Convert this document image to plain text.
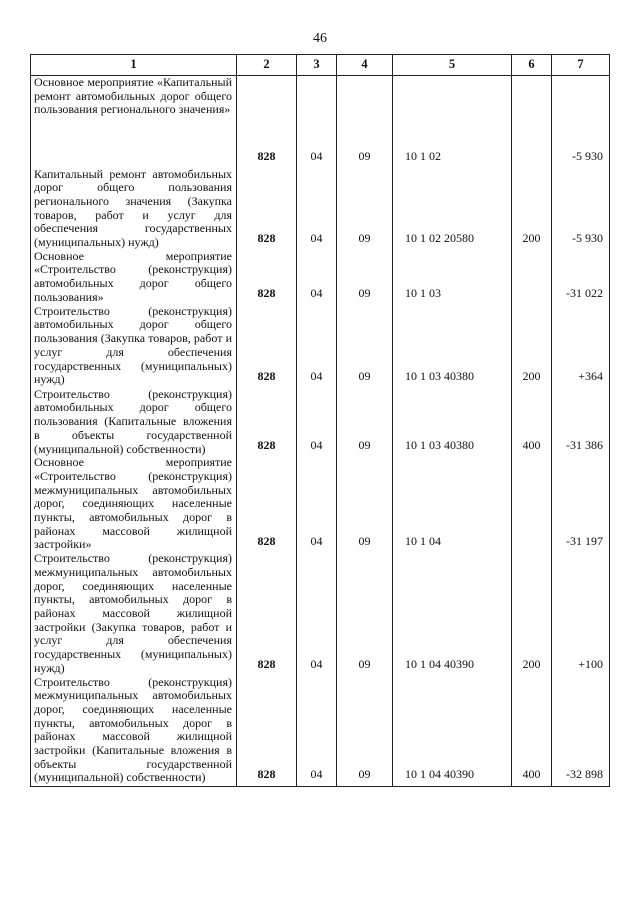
46
1	2	3	4	5	6	7
Основное мероприятие «Капитальный ремонт автомобильных дорог общего пользования регионального значения»	828	04	09	10 1 02		-5 930
Капитальный ремонт автомобильных дорог общего пользования регионального значения (Закупка товаров, работ и услуг для обеспечения государственных (муниципальных) нужд)	828	04	09	10 1 02 20580	200	-5 930
Основное мероприятие «Строительство (реконструкция) автомобильных дорог общего пользования»	828	04	09	10 1 03		-31 022
Строительство (реконструкция) автомобильных дорог общего пользования (Закупка товаров, работ и услуг для обеспечения государственных (муниципальных) нужд)	828	04	09	10 1 03 40380	200	+364
Строительство (реконструкция) автомобильных дорог общего пользования (Капитальные вложения в объекты государственной (муниципальной) собственности)	828	04	09	10 1 03 40380	400	-31 386
Основное мероприятие «Строительство (реконструкция) межмуниципальных автомобильных дорог, соединяющих населенные пункты, автомобильных дорог в районах массовой жилищной застройки»	828	04	09	10 1 04		-31 197
Строительство (реконструкция) межмуниципальных автомобильных дорог, соединяющих населенные пункты, автомобильных дорог в районах массовой жилищной застройки (Закупка товаров, работ и услуг для обеспечения государственных (муниципальных) нужд)	828	04	09	10 1 04 40390	200	+100
Строительство (реконструкция) межмуниципальных автомобильных дорог, соединяющих населенные пункты, автомобильных дорог в районах массовой жилищной застройки (Капитальные вложения в объекты государственной (муниципальной) собственности)	828	04	09	10 1 04 40390	400	-32 898
